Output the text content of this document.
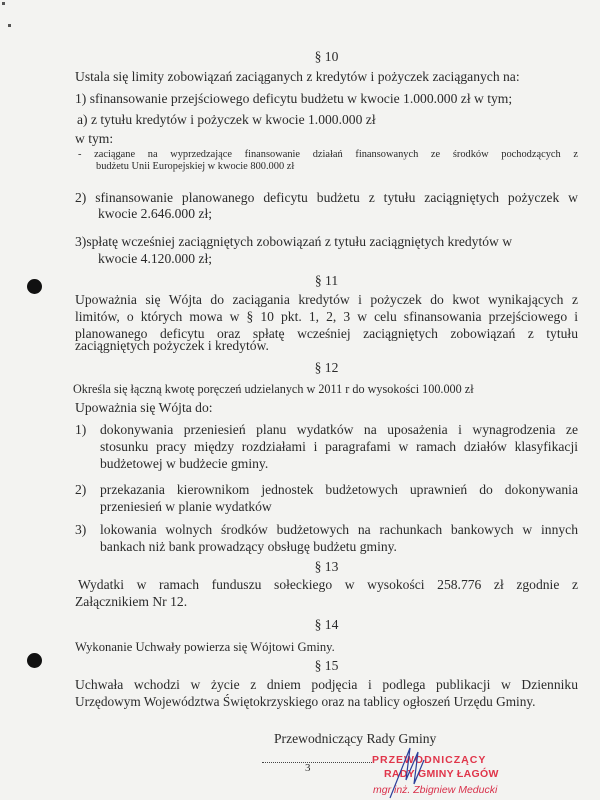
§ 10
Ustala się limity zobowiązań zaciąganych z kredytów i pożyczek zaciąganych na:
1) sfinansowanie przejściowego deficytu budżetu w kwocie 1.000.000 zł w tym;
a) z tytułu kredytów i pożyczek w kwocie 1.000.000 zł
w tym:
- zaciągane na wyprzedzające finansowanie działań finansowanych ze środków pochodzących z
budżetu Unii Europejskiej w kwocie 800.000 zł
2) sfinansowanie planowanego deficytu budżetu z tytułu zaciągniętych pożyczek w
kwocie 2.646.000 zł;
3)spłatę wcześniej zaciągniętych zobowiązań z tytułu zaciągniętych kredytów w
kwocie 4.120.000 zł;
§ 11
Upoważnia się Wójta do zaciągania kredytów i pożyczek do kwot wynikających z
limitów, o których mowa w § 10 pkt. 1, 2, 3 w celu sfinansowania przejściowego i
planowanego deficytu oraz spłatę wcześniej zaciągniętych zobowiązań z tytułu
zaciągniętych pożyczek i kredytów.
§ 12
Określa się łączną kwotę poręczeń udzielanych w 2011 r do wysokości 100.000 zł
Upoważnia się Wójta do:
1)	dokonywania przeniesień planu wydatków na uposażenia i wynagrodzenia ze
stosunku pracy między rozdziałami i paragrafami w ramach działów klasyfikacji
budżetowej w budżecie gminy.
2)	przekazania kierownikom jednostek budżetowych uprawnień do dokonywania
przeniesień w planie wydatków
3)	lokowania wolnych środków budżetowych na rachunkach bankowych w innych
bankach niż bank prowadzący obsługę budżetu gminy.
§ 13
Wydatki w ramach funduszu sołeckiego w wysokości 258.776 zł zgodnie z
Załącznikiem Nr 12.
§ 14
Wykonanie Uchwały powierza się Wójtowi Gminy.
§ 15
Uchwała wchodzi w życie z dniem podjęcia i podlega publikacji w Dzienniku
Urzędowym Województwa Świętokrzyskiego oraz na tablicy ogłoszeń Urzędu Gminy.
Przewodniczący Rady Gminy
PRZEWODNICZĄCY
RADY GMINY ŁAGÓW
mgr inż. Zbigniew Meducki
3
